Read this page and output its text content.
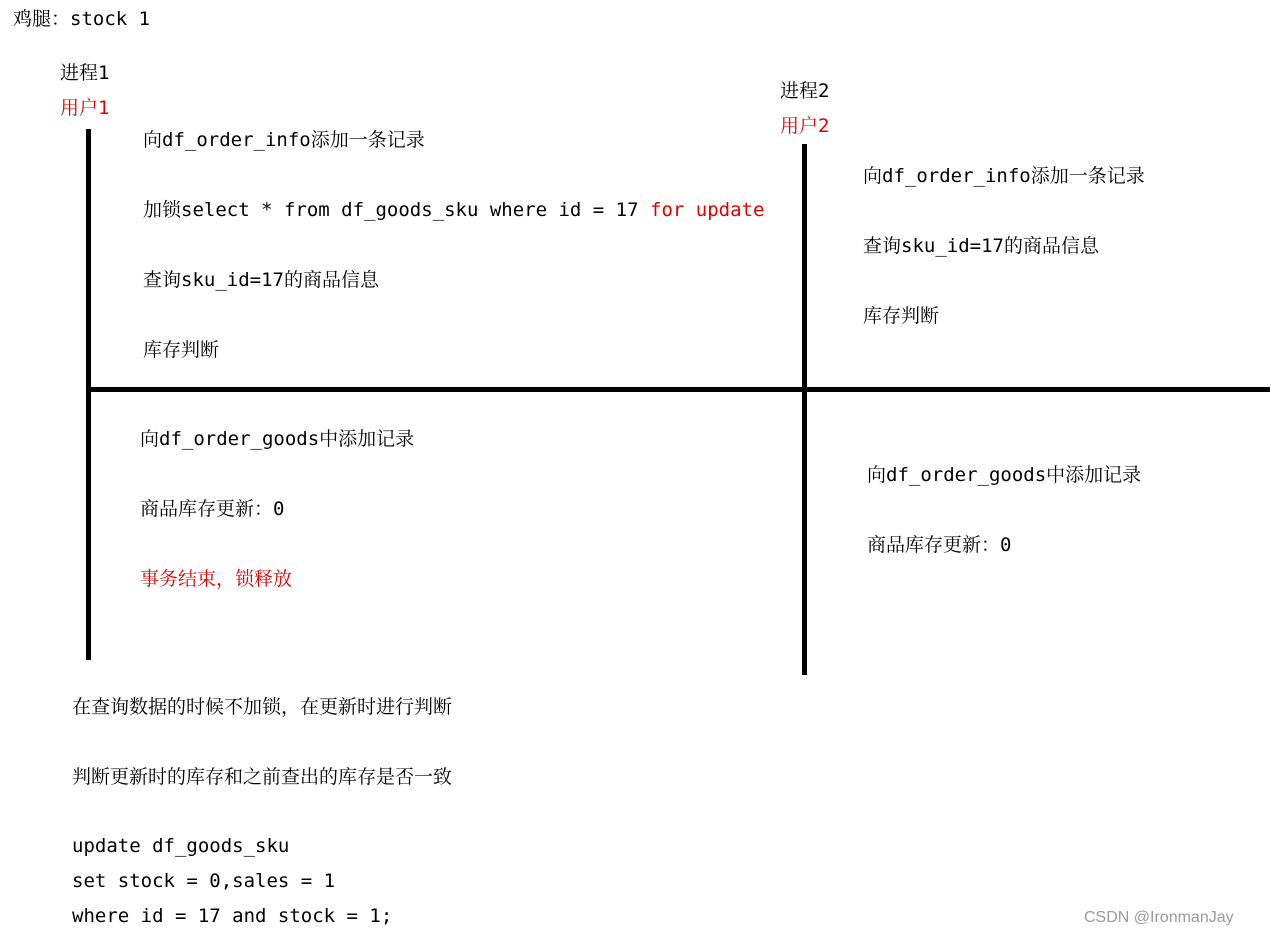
鸡腿：stock 1
进程1
用户1
进程2
用户2
向df_order_info添加一条记录
加锁select * from df_goods_sku where id = 17 for update
查询sku_id=17的商品信息
库存判断
向df_order_goods中添加记录
商品库存更新：0
事务结束，锁释放
向df_order_info添加一条记录
查询sku_id=17的商品信息
库存判断
向df_order_goods中添加记录
商品库存更新：0
在查询数据的时候不加锁，在更新时进行判断
判断更新时的库存和之前查出的库存是否一致
update df_goods_sku
set stock = 0,sales = 1
where id = 17 and stock = 1;	CSDN @IronmanJay
